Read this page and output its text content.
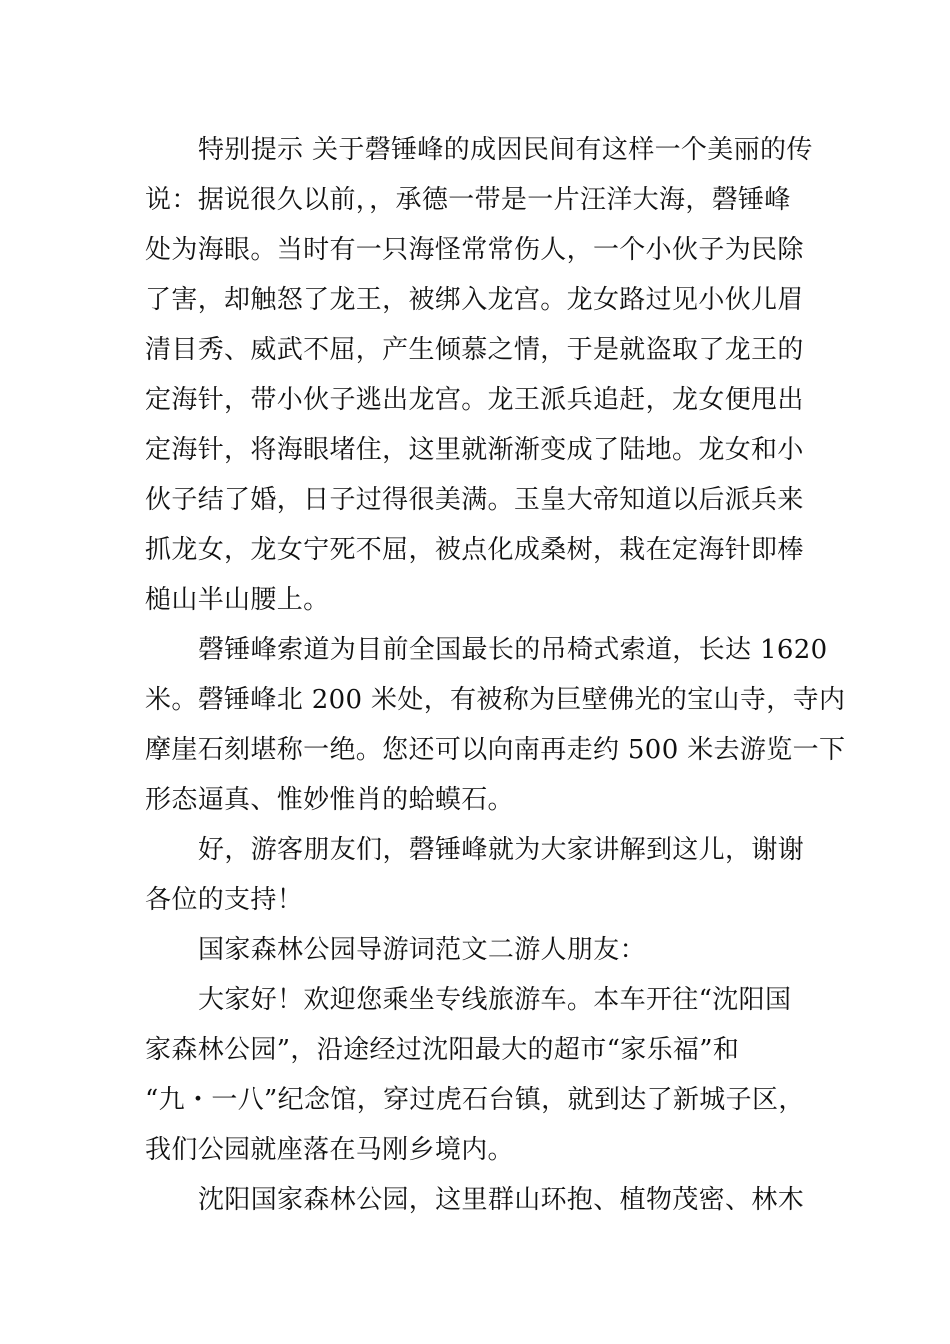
特别提示 关于磬锤峰的成因民间有这样一个美丽的传
说：据说很久以前，，承德一带是一片汪洋大海，磬锤峰
处为海眼。当时有一只海怪常常伤人，一个小伙子为民除
了害，却触怒了龙王，被绑入龙宫。龙女路过见小伙儿眉
清目秀、威武不屈，产生倾慕之情，于是就盗取了龙王的
定海针，带小伙子逃出龙宫。龙王派兵追赶，龙女便甩出
定海针，将海眼堵住，这里就渐渐变成了陆地。龙女和小
伙子结了婚，日子过得很美满。玉皇大帝知道以后派兵来
抓龙女，龙女宁死不屈，被点化成桑树，栽在定海针即棒
槌山半山腰上。
磬锤峰索道为目前全国最长的吊椅式索道，长达 1620
米。磬锤峰北 200 米处，有被称为巨壁佛光的宝山寺，寺内
摩崖石刻堪称一绝。您还可以向南再走约 500 米去游览一下
形态逼真、惟妙惟肖的蛤蟆石。
好，游客朋友们，磬锤峰就为大家讲解到这儿，谢谢
各位的支持！
国家森林公园导游词范文二游人朋友：
大家好！欢迎您乘坐专线旅游车。本车开往“沈阳国
家森林公园”，沿途经过沈阳最大的超市“家乐福”和
“九・一八”纪念馆，穿过虎石台镇，就到达了新城子区，
我们公园就座落在马刚乡境内。
沈阳国家森林公园，这里群山环抱、植物茂密、林木
